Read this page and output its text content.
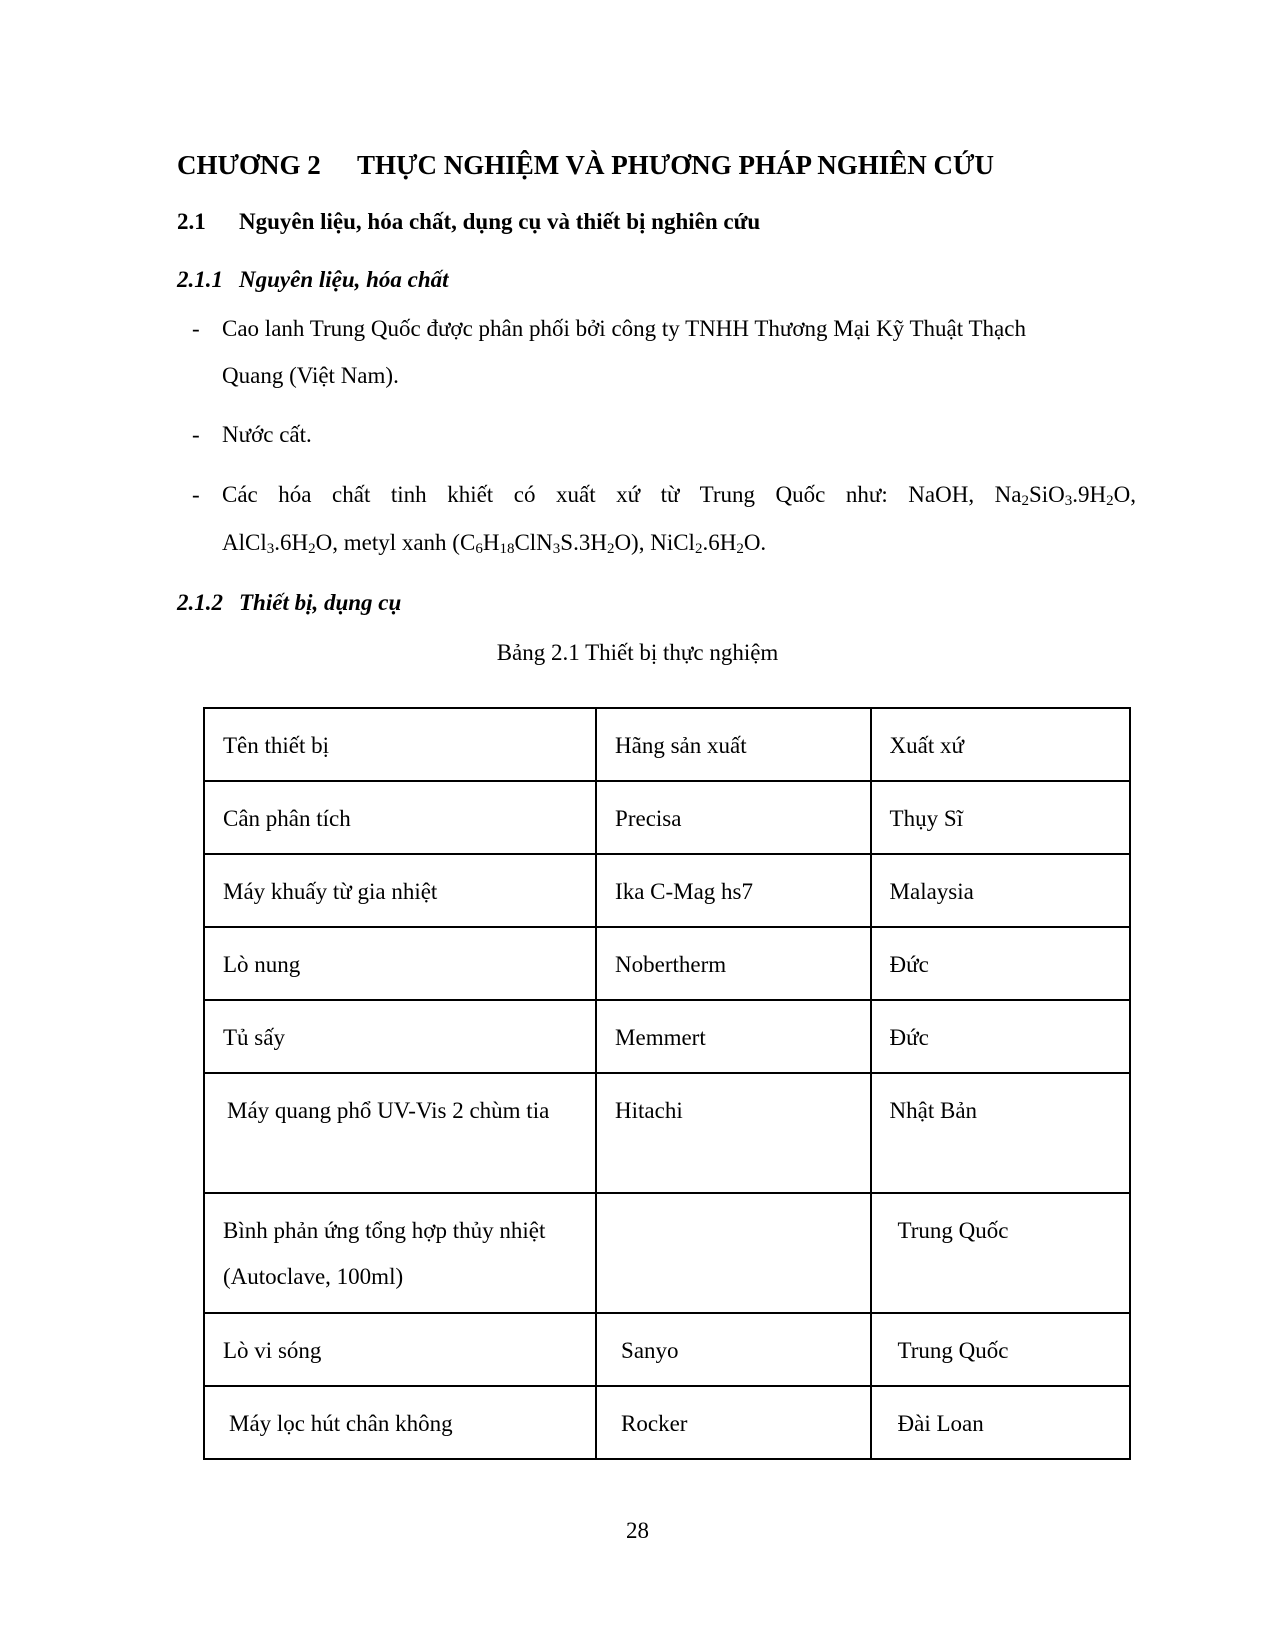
CHƯƠNG 2 THỰC NGHIỆM VÀ PHƯƠNG PHÁP NGHIÊN CỨU
2.1 Nguyên liệu, hóa chất, dụng cụ và thiết bị nghiên cứu
2.1.1 Nguyên liệu, hóa chất
- Cao lanh Trung Quốc được phân phối bởi công ty TNHH Thương Mại Kỹ Thuật Thạch
Quang (Việt Nam).
- Nước cất.
- Các hóa chất tinh khiết có xuất xứ từ Trung Quốc như: NaOH, $Na_2SiO_3.9H_2O$,
$AlCl_3.6H_2O$, metyl xanh $(C_6H_{18}ClN_3S.3H_2O)$, $NiCl_2.6H_2O$.
2.1.2 Thiết bị, dụng cụ
Bảng 2.1 Thiết bị thực nghiệm
Tên thiết bị	Hãng sản xuất	Xuất xứ
Cân phân tích	Precisa	Thụy Sĩ
Máy khuấy từ gia nhiệt	Ika C-Mag hs7	Malaysia
Lò nung	Nobertherm	Đức
Tủ sấy	Memmert	Đức
Máy quang phổ UV-Vis 2 chùm tia	Hitachi	Nhật Bản
Bình phản ứng tổng hợp thủy nhiệt (Autoclave, 100ml)		Trung Quốc
Lò vi sóng	Sanyo	Trung Quốc
Máy lọc hút chân không	Rocker	Đài Loan
28
